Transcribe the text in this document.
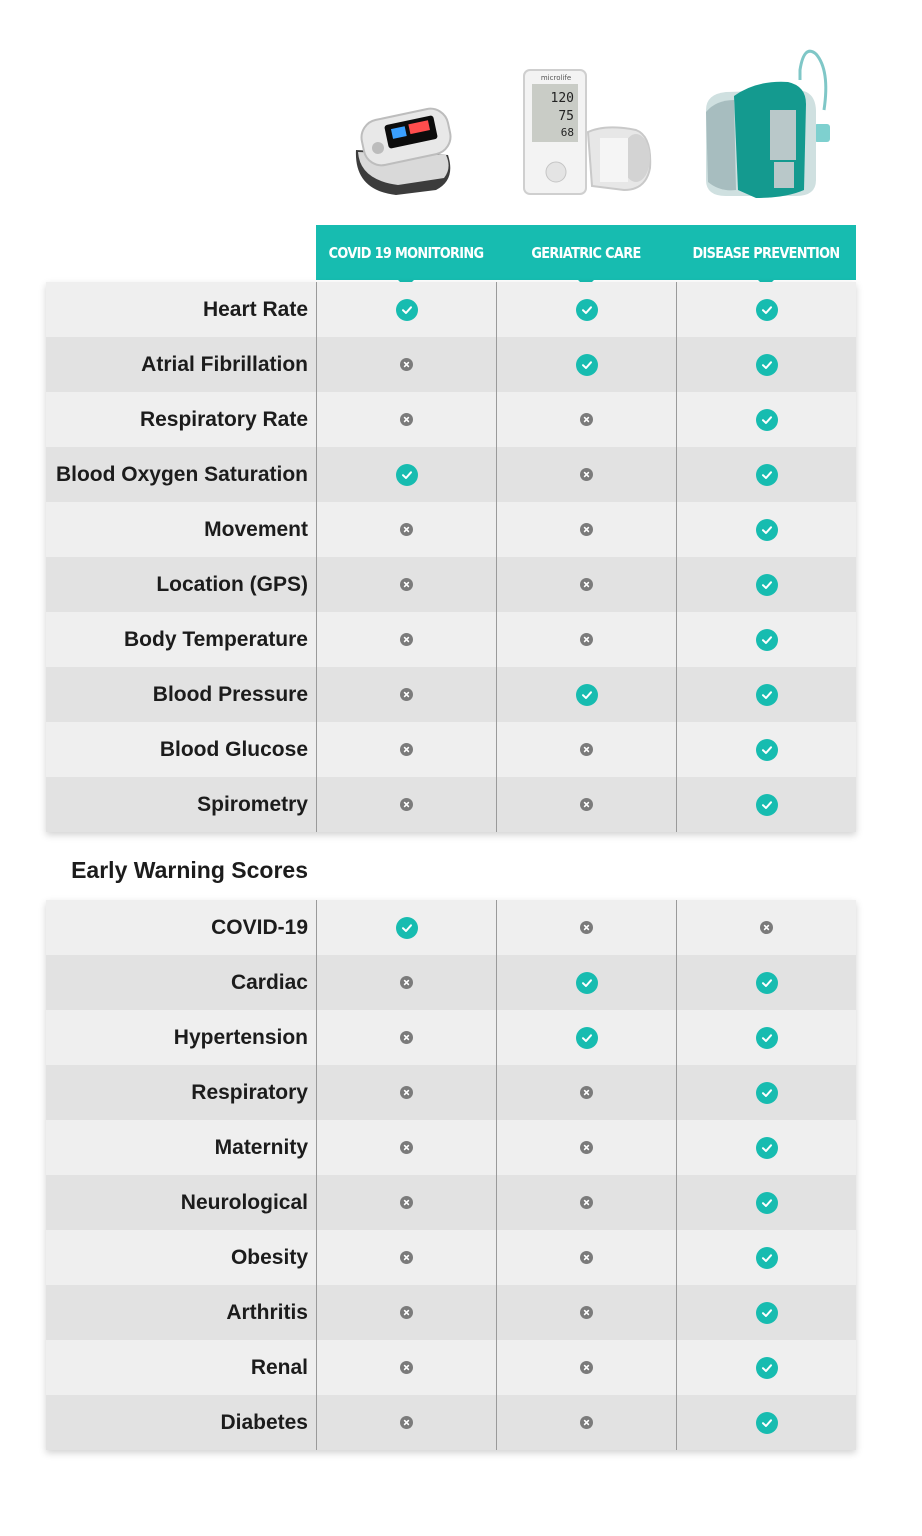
microlife
120
75
68
COVID 19 MONITORING	GERIATRIC CARE	DISEASE PREVENTION
Heart Rate
Atrial Fibrillation
Respiratory Rate
Blood Oxygen Saturation
Movement
Location (GPS)
Body Temperature
Blood Pressure
Blood Glucose
Spirometry
Early Warning Scores
COVID-19
Cardiac
Hypertension
Respiratory
Maternity
Neurological
Obesity
Arthritis
Renal
Diabetes
